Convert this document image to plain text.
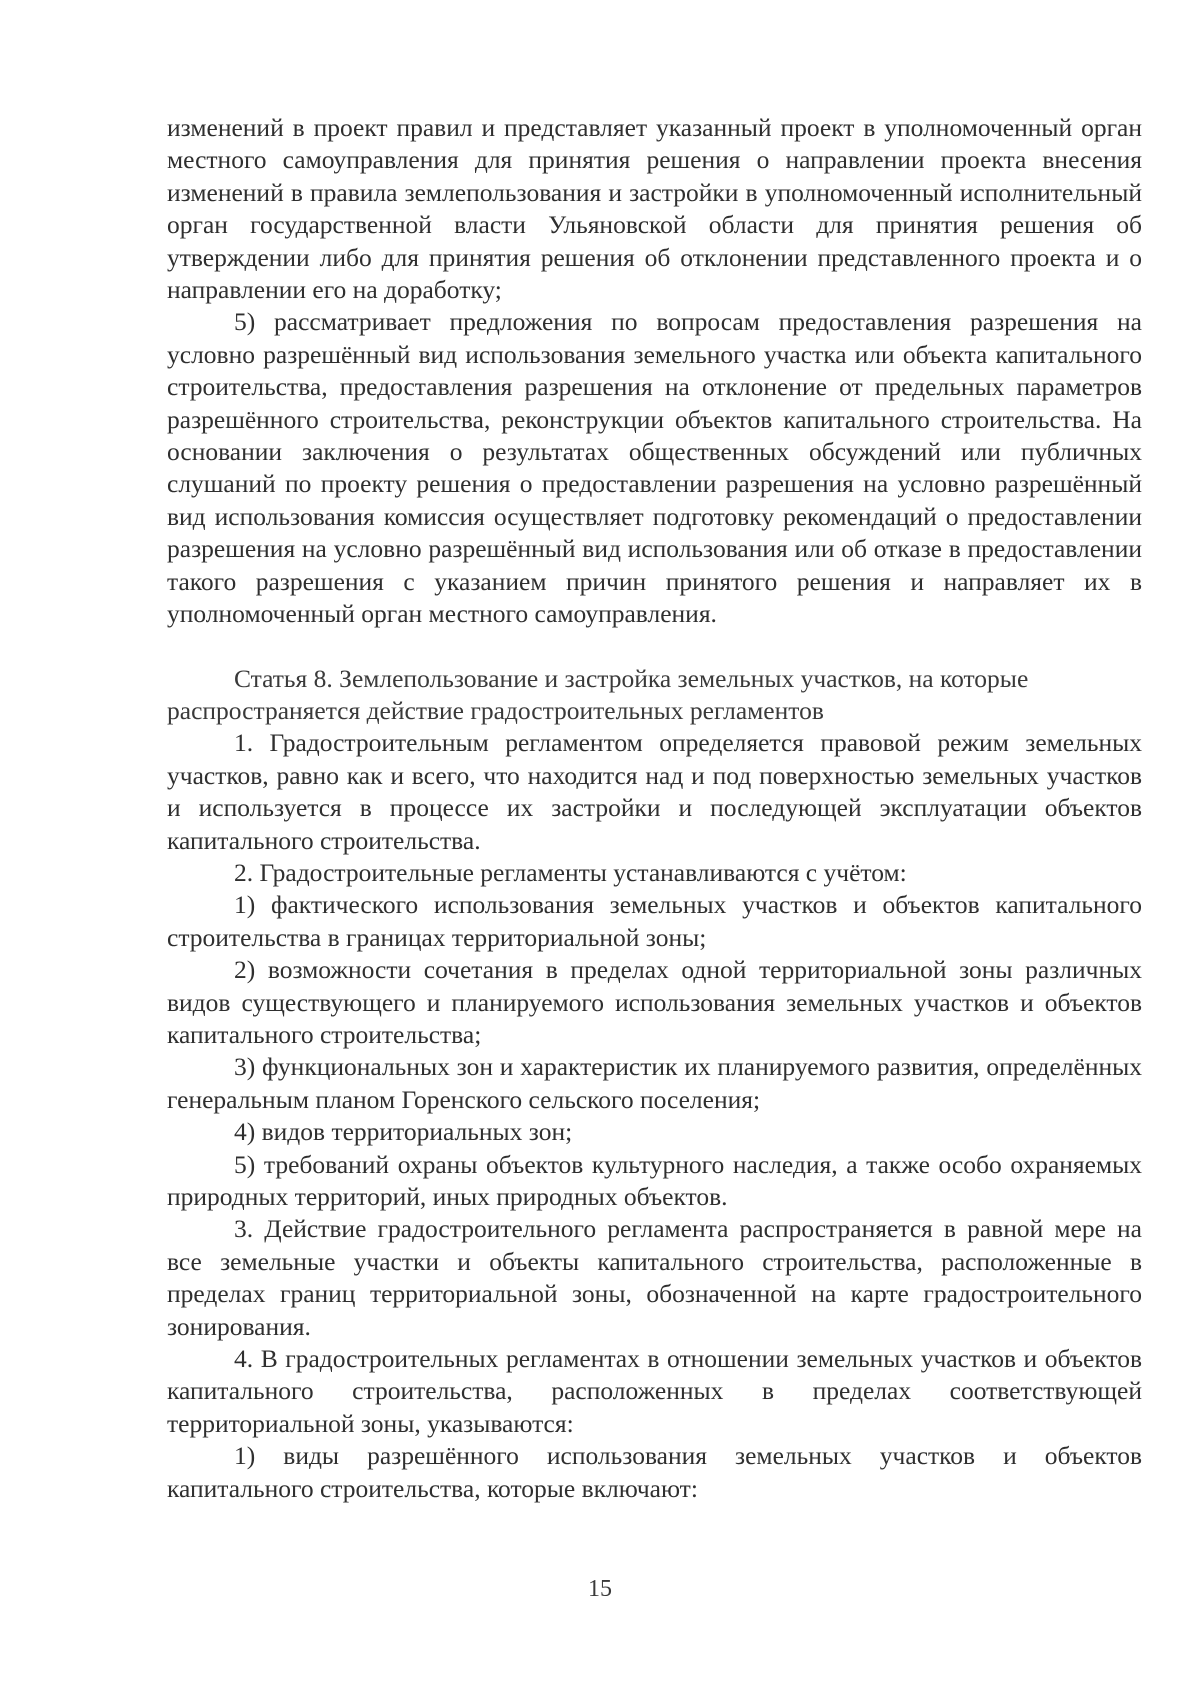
изменений в проект правил и представляет указанный проект в уполномоченный орган местного самоуправления для принятия решения о направлении проекта внесения изменений в правила землепользования и застройки в уполномоченный исполнительный орган государственной власти Ульяновской области для принятия решения об утверждении либо для принятия решения об отклонении представленного проекта и о направлении его на доработку;

5) рассматривает предложения по вопросам предоставления разрешения на условно разрешённый вид использования земельного участка или объекта капитального строительства, предоставления разрешения на отклонение от предельных параметров разрешённого строительства, реконструкции объектов капитального строительства. На основании заключения о результатах общественных обсуждений или публичных слушаний по проекту решения о предоставлении разрешения на условно разрешённый вид использования комиссия осуществляет подготовку рекомендаций о предоставлении разрешения на условно разрешённый вид использования или об отказе в предоставлении такого разрешения с указанием причин принятого решения и направляет их в уполномоченный орган местного самоуправления.

Статья 8. Землепользование и застройка земельных участков, на которые распространяется действие градостроительных регламентов

1. Градостроительным регламентом определяется правовой режим земельных участков, равно как и всего, что находится над и под поверхностью земельных участков и используется в процессе их застройки и последующей эксплуатации объектов капитального строительства.

2. Градостроительные регламенты устанавливаются с учётом:

1) фактического использования земельных участков и объектов капитального строительства в границах территориальной зоны;

2) возможности сочетания в пределах одной территориальной зоны различных видов существующего и планируемого использования земельных участков и объектов капитального строительства;

3) функциональных зон и характеристик их планируемого развития, определённых генеральным планом Горенского сельского поселения;

4) видов территориальных зон;

5) требований охраны объектов культурного наследия, а также особо охраняемых природных территорий, иных природных объектов.

3. Действие градостроительного регламента распространяется в равной мере на все земельные участки и объекты капитального строительства, расположенные в пределах границ территориальной зоны, обозначенной на карте градостроительного зонирования.

4. В градостроительных регламентах в отношении земельных участков и объектов капитального строительства, расположенных в пределах соответствующей территориальной зоны, указываются:

1) виды разрешённого использования земельных участков и объектов капитального строительства, которые включают:

15
